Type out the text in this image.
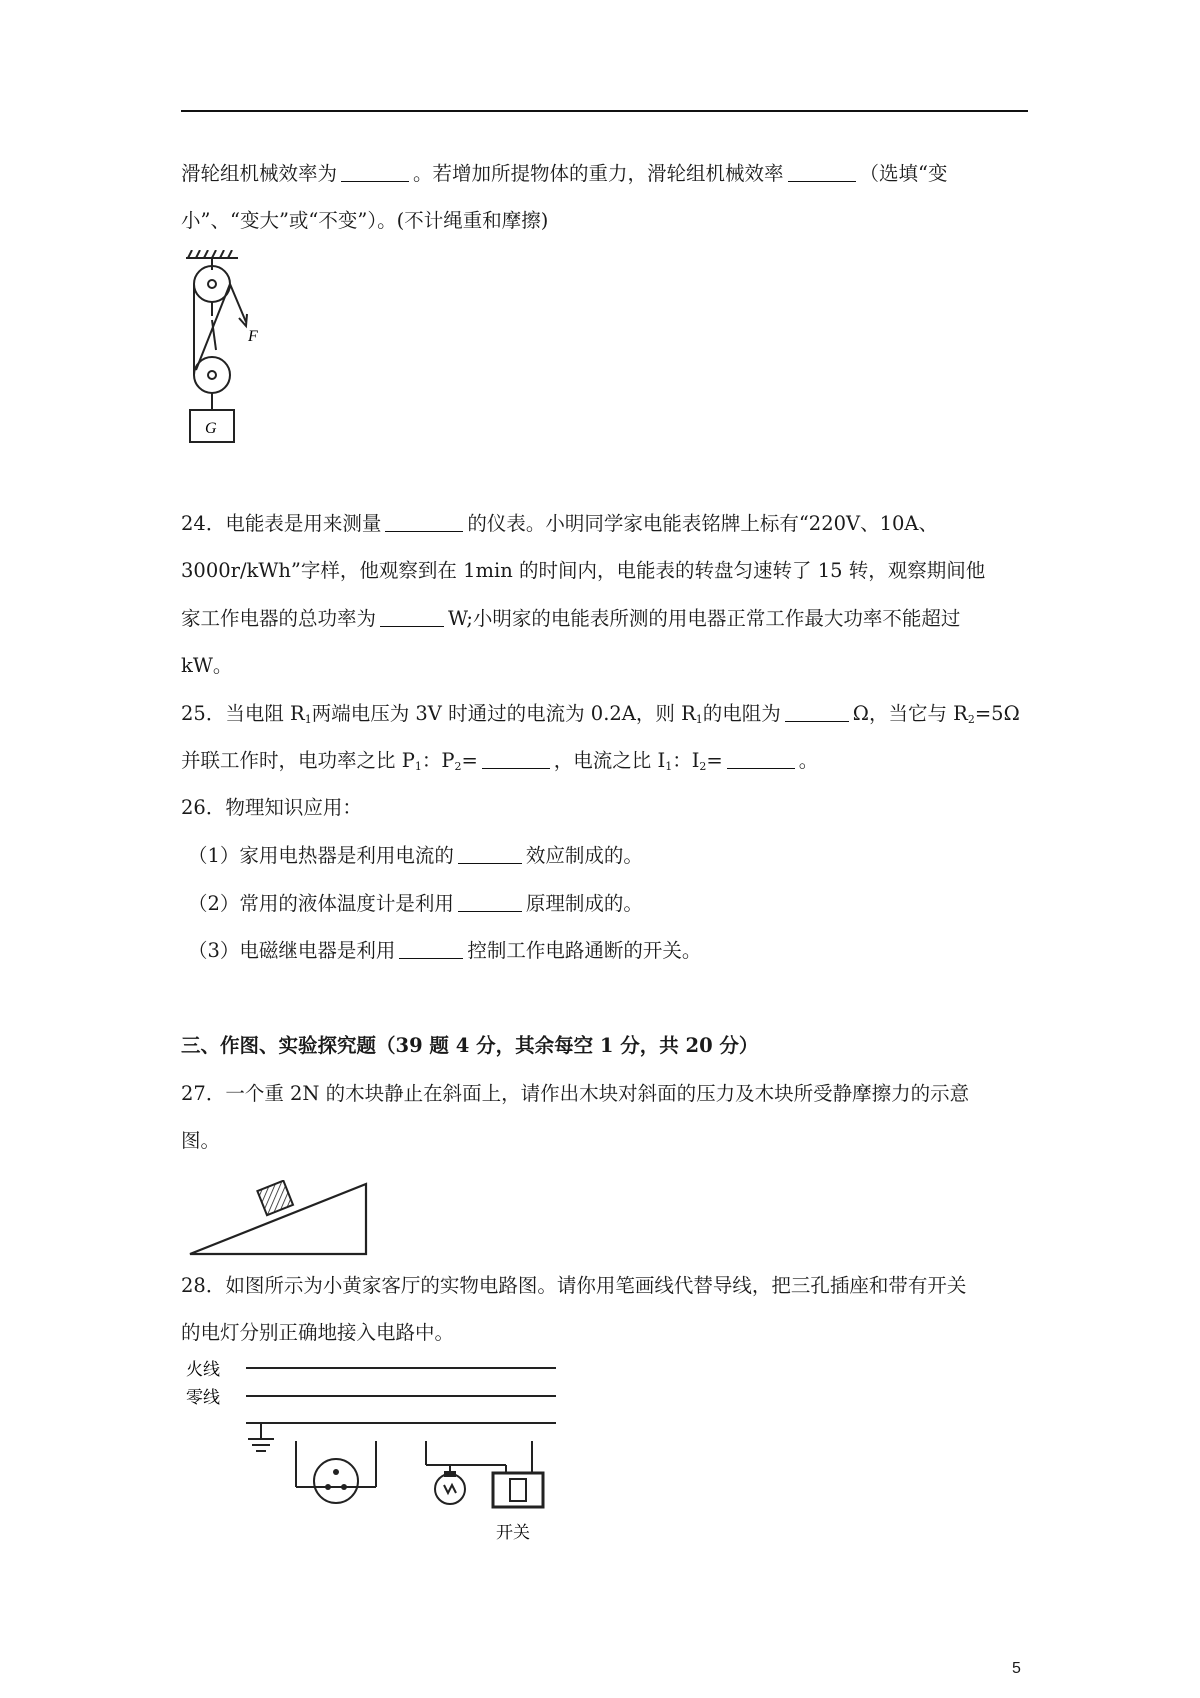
滑轮组机械效率为	。若增加所提物体的重力，滑轮组机械效率	（选填“变
小”、“变大”或“不变”）。(不计绳重和摩擦)
F
G
24．电能表是用来测量	的仪表。小明同学家电能表铭牌上标有“220V、10A、
3000r/kWh”字样，他观察到在 1min 的时间内，电能表的转盘匀速转了 15 转，观察期间他
家工作电器的总功率为	W;小明家的电能表所测的用电器正常工作最大功率不能超过
kW。
25．当电阻 $R_1$两端电压为 3V 时通过的电流为 0.2A，则 $R_1$的电阻为	Ω，当它与 $R_2=5\Omega$
并联工作时，电功率之比 $P_1$：$P_2=$	，电流之比 $I_1$：$I_2=$	。
26．物理知识应用：
（1）家用电热器是利用电流的	效应制成的。
（2）常用的液体温度计是利用	原理制成的。
（3）电磁继电器是利用	控制工作电路通断的开关。
三、作图、实验探究题（39 题 4 分，其余每空 1 分，共 20 分）
27．一个重 2N 的木块静止在斜面上，请作出木块对斜面的压力及木块所受静摩擦力的示意
图。
28．如图所示为小黄家客厅的实物电路图。请你用笔画线代替导线，把三孔插座和带有开关
的电灯分别正确地接入电路中。
火线
零线
开关
5
